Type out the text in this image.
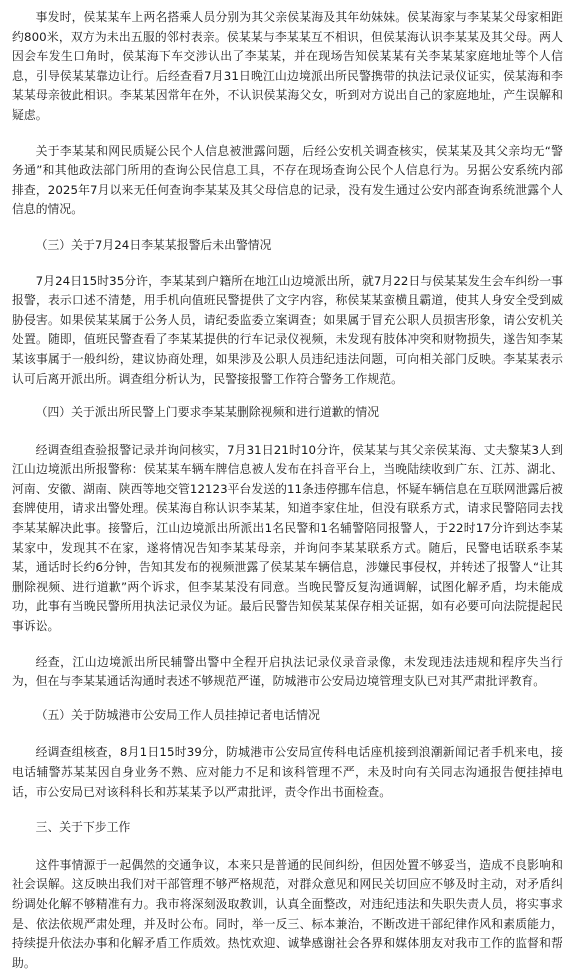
事发时，侯某某车上两名搭乘人员分别为其父亲侯某海及其年幼妹妹。侯某海家与李某某父母家相距约800米，双方为未出五服的邻村表亲。侯某某与李某某互不相识，但侯某海认识李某某及其父母。两人因会车发生口角时，侯某海下车交涉认出了李某某，并在现场告知侯某某有关李某某家庭地址等个人信息，引导侯某某靠边让行。后经查看7月31日晚江山边境派出所民警携带的执法记录仪证实，侯某海和李某某母亲彼此相识。李某某因常年在外，不认识侯某海父女，听到对方说出自己的家庭地址，产生误解和疑虑。

关于李某某和网民质疑公民个人信息被泄露问题，后经公安机关调查核实，侯某某及其父亲均无“警务通”和其他政法部门所用的查询公民信息工具，不存在现场查询公民个人信息行为。另据公安系统内部排查，2025年7月以来无任何查询李某某及其父母信息的记录，没有发生通过公安内部查询系统泄露个人信息的情况。

（三）关于7月24日李某某报警后未出警情况

7月24日15时35分许，李某某到户籍所在地江山边境派出所，就7月22日与侯某某发生会车纠纷一事报警，表示口述不清楚，用手机向值班民警提供了文字内容，称侯某某蛮横且霸道，使其人身安全受到威胁侵害。如果侯某某属于公务人员，请纪委监委立案调查；如果属于冒充公职人员损害形象，请公安机关处置。随即，值班民警查看了李某某提供的行车记录仪视频，未发现有肢体冲突和财物损失，遂告知李某某该事属于一般纠纷，建议协商处理，如果涉及公职人员违纪违法问题，可向相关部门反映。李某某表示认可后离开派出所。调查组分析认为，民警接报警工作符合警务工作规范。

（四）关于派出所民警上门要求李某某删除视频和进行道歉的情况

经调查组查验报警记录并询问核实，7月31日21时10分许，侯某某与其父亲侯某海、丈夫黎某3人到江山边境派出所报警称：侯某某车辆车牌信息被人发布在抖音平台上，当晚陆续收到广东、江苏、湖北、河南、安徽、湖南、陕西等地交管12123平台发送的11条违停挪车信息，怀疑车辆信息在互联网泄露后被套牌使用，请求出警处理。侯某海自称认识李某某，知道李家住址，但没有联系方式，请求民警陪同去找李某某解决此事。接警后，江山边境派出所派出1名民警和1名辅警陪同报警人，于22时17分许到达李某某家中，发现其不在家，遂将情况告知李某某母亲，并询问李某某联系方式。随后，民警电话联系李某某，通话时长约6分钟，告知其发布的视频泄露了侯某某车辆信息，涉嫌民事侵权，并转述了报警人“让其删除视频、进行道歉”两个诉求，但李某某没有同意。当晚民警反复沟通调解，试图化解矛盾，均未能成功，此事有当晚民警所用执法记录仪为证。最后民警告知侯某某保存相关证据，如有必要可向法院提起民事诉讼。

经查，江山边境派出所民辅警出警中全程开启执法记录仪录音录像，未发现违法违规和程序失当行为，但在与李某某通话沟通时表述不够规范严谨，防城港市公安局边境管理支队已对其严肃批评教育。

（五）关于防城港市公安局工作人员挂掉记者电话情况

经调查组核查，8月1日15时39分，防城港市公安局宣传科电话座机接到浪潮新闻记者手机来电，接电话辅警苏某某因自身业务不熟、应对能力不足和该科管理不严，未及时向有关同志沟通报告便挂掉电话，市公安局已对该科科长和苏某某予以严肃批评，责令作出书面检查。

三、关于下步工作

这件事情源于一起偶然的交通争议，本来只是普通的民间纠纷，但因处置不够妥当，造成不良影响和社会误解。这反映出我们对干部管理不够严格规范，对群众意见和网民关切回应不够及时主动，对矛盾纠纷调处化解不够精准有力。我市将深刻汲取教训，认真全面整改，对违纪违法和失职失责人员，将实事求是、依法依规严肃处理，并及时公布。同时，举一反三、标本兼治，不断改进干部纪律作风和素质能力，持续提升依法办事和化解矛盾工作质效。热忱欢迎、诚挚感谢社会各界和媒体朋友对我市工作的监督和帮助。
